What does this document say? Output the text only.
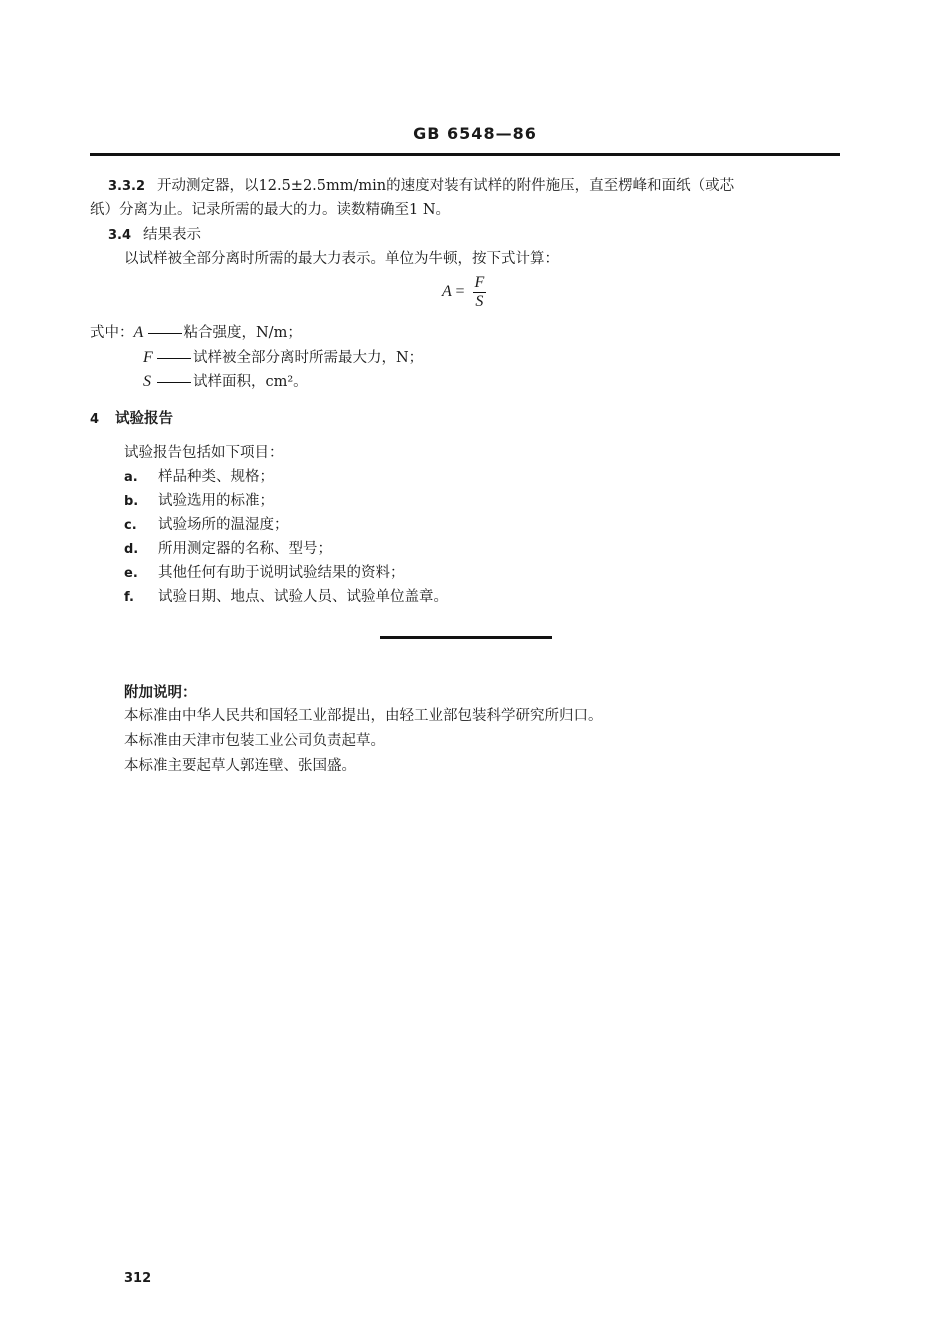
GB 6548—86
3.3.2 开动测定器，以12.5±2.5mm/min的速度对装有试样的附件施压，直至楞峰和面纸（或芯
纸）分离为止。记录所需的最大的力。读数精确至1 N。
3.4 结果表示
以试样被全部分离时所需的最大力表示。单位为牛顿，按下式计算：
$A = \frac{F}{S}$
式中：A	粘合强度，N/m；
F	试样被全部分离时所需最大力，N；
S	试样面积，cm²。
4 试验报告
试验报告包括如下项目：
a. 样品种类、规格；
b. 试验选用的标准；
c. 试验场所的温湿度；
d. 所用测定器的名称、型号；
e. 其他任何有助于说明试验结果的资料；
f. 试验日期、地点、试验人员、试验单位盖章。
附加说明：
本标准由中华人民共和国轻工业部提出，由轻工业部包装科学研究所归口。
本标准由天津市包装工业公司负责起草。
本标准主要起草人郭连壁、张国盛。
312
